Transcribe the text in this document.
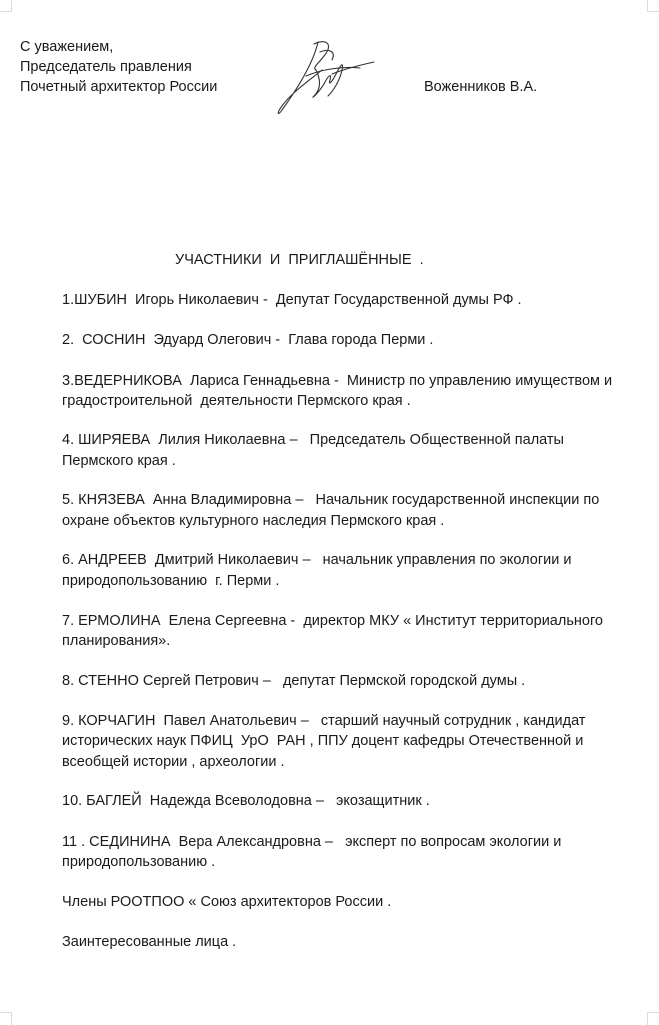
С уважением,
Председатель правления
Почетный архитектор России	Воженников В.А.
УЧАСТНИКИ  И  ПРИГЛАШЁННЫЕ  .
1.ШУБИН  Игорь Николаевич -  Депутат Государственной думы РФ .
2.  СОСНИН  Эдуард Олегович -  Глава города Перми .
3.ВЕДЕРНИКОВА  Лариса Геннадьевна -  Министр по управлению имуществом и
градостроительной  деятельности Пермского края .
4. ШИРЯЕВА  Лилия Николаевна –   Председатель Общественной палаты
Пермского края .
5. КНЯЗЕВА  Анна Владимировна –   Начальник государственной инспекции по
охране объектов культурного наследия Пермского края .
6. АНДРЕЕВ  Дмитрий Николаевич –   начальник управления по экологии и
природопользованию  г. Перми .
7. ЕРМОЛИНА  Елена Сергеевна -  директор МКУ « Институт территориального
планирования».
8. СТЕННО Сергей Петрович –   депутат Пермской городской думы .
9. КОРЧАГИН  Павел Анатольевич –   старший научный сотрудник , кандидат
исторических наук ПФИЦ  УрО  РАН , ППУ доцент кафедры Отечественной и
всеобщей истории , археологии .
10. БАГЛЕЙ  Надежда Всеволодовна –   экозащитник .
11 . СЕДИНИНА  Вера Александровна –   эксперт по вопросам экологии и
природопользованию .
Члены РООТПОО « Союз архитекторов России .
Заинтересованные лица .
